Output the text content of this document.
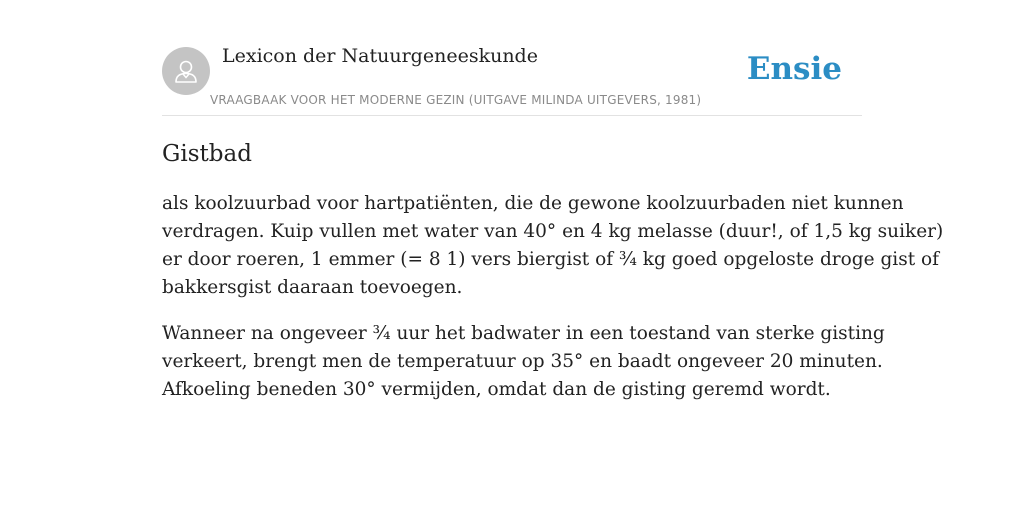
Lexicon der Natuurgeneeskunde
VRAAGBAAK VOOR HET MODERNE GEZIN (UITGAVE MILINDA UITGEVERS, 1981)
Ensie
Gistbad

als koolzuurbad voor hartpatiënten, die de gewone koolzuurbaden niet kunnen
verdragen. Kuip vullen met water van 40° en 4 kg melasse (duur!, of 1,5 kg suiker)
er door roeren, 1 emmer (= 8 1) vers biergist of ¾ kg goed opgeloste droge gist of
bakkersgist daaraan toevoegen.

Wanneer na ongeveer ¾ uur het badwater in een toestand van sterke gisting
verkeert, brengt men de temperatuur op 35° en baadt ongeveer 20 minuten.
Afkoeling beneden 30° vermijden, omdat dan de gisting geremd wordt.
